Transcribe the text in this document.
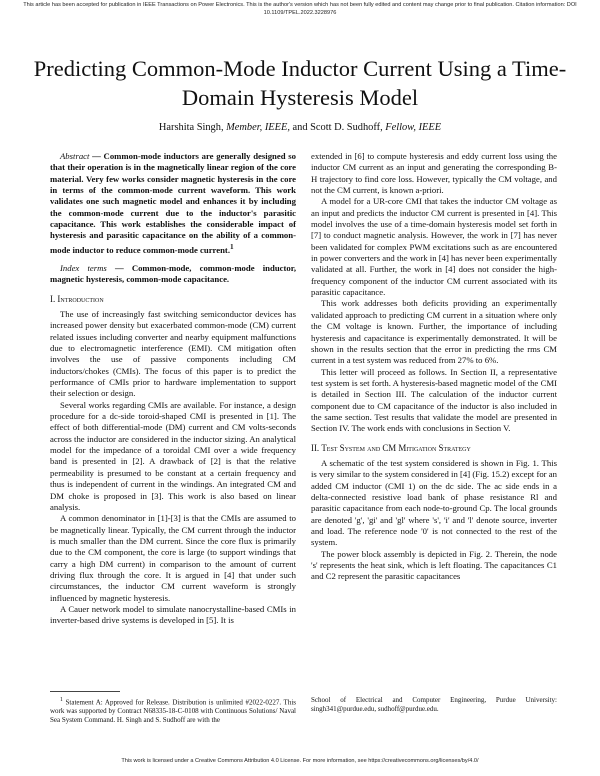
This article has been accepted for publication in IEEE Transactions on Power Electronics. This is the author's version which has not been fully edited and content may change prior to final publication. Citation information: DOI 10.1109/TPEL.2022.3228976
Predicting Common-Mode Inductor Current Using a Time-Domain Hysteresis Model
Harshita Singh, Member, IEEE, and Scott D. Sudhoff, Fellow, IEEE

Abstract — Common-mode inductors are generally designed so that their operation is in the magnetically linear region of the core material. Very few works consider magnetic hysteresis in the core in terms of the common-mode current waveform. This work validates one such magnetic model and enhances it by including the common-mode current due to the inductor's parasitic capacitance. This work establishes the considerable impact of hysteresis and parasitic capacitance on the ability of a common-mode inductor to reduce common-mode current.$^1$

Index terms — Common-mode, common-mode inductor, magnetic hysteresis, common-mode capacitance.

I. Introduction

The use of increasingly fast switching semiconductor devices has increased power density but exacerbated common-mode (CM) current related issues including converter and nearby equipment malfunctions due to electromagnetic interference (EMI). CM mitigation often involves the use of passive components including CM inductors/chokes (CMIs). The focus of this paper is to predict the performance of CMIs prior to hardware implementation to support their selection or design.

Several works regarding CMIs are available. For instance, a design procedure for a dc-side toroid-shaped CMI is presented in [1]. The effect of both differential-mode (DM) current and CM volts-seconds across the inductor are considered in the inductor sizing. An analytical model for the impedance of a toroidal CMI over a wide frequency band is presented in [2]. A drawback of [2] is that the relative permeability is presumed to be constant at a certain frequency and thus is independent of current in the windings. An integrated CM and DM choke is proposed in [3]. This work is also based on linear analysis.

A common denominator in [1]-[3] is that the CMIs are assumed to be magnetically linear. Typically, the CM current through the inductor is much smaller than the DM current. Since the core flux is primarily due to the CM component, the core is large (to support windings that carry a high DM current) in comparison to the amount of current driving flux through the core. It is argued in [4] that under such circumstances, the inductor CM current waveform is strongly influenced by magnetic hysteresis.

A Cauer network model to simulate nanocrystalline-based CMIs in inverter-based drive systems is developed in [5]. It is

extended in [6] to compute hysteresis and eddy current loss using the inductor CM current as an input and generating the corresponding B-H trajectory to find core loss. However, typically the CM voltage, and not the CM current, is known a-priori.

A model for a UR-core CMI that takes the inductor CM voltage as an input and predicts the inductor CM current is presented in [4]. This model involves the use of a time-domain hysteresis model set forth in [7] to conduct magnetic analysis. However, the work in [7] has never been validated for complex PWM excitations such as are encountered in power converters and the work in [4] has never been experimentally validated at all. Further, the work in [4] does not consider the high-frequency component of the inductor CM current associated with its parasitic capacitance.

This work addresses both deficits providing an experimentally validated approach to predicting CM current in a situation where only the CM voltage is known. Further, the importance of including hysteresis and capacitance is experimentally demonstrated. It will be shown in the results section that the error in predicting the rms CM current in a test system was reduced from 27% to 6%.

This letter will proceed as follows. In Section II, a representative test system is set forth. A hysteresis-based magnetic model of the CMI is detailed in Section III. The calculation of the inductor current component due to CM capacitance of the inductor is also included in the same section. Test results that validate the model are presented in Section IV. The work ends with conclusions in Section V.

II. Test System and CM Mitigation Strategy

A schematic of the test system considered is shown in Fig. 1. This is very similar to the system considered in [4] (Fig. 15.2) except for an added CM inductor (CMI 1) on the dc side. The ac side ends in a delta-connected resistive load bank of phase resistance Rl and parasitic capacitance from each node-to-ground Cp. The local grounds are denoted 'g', 'gi' and 'gl' where 's', 'i' and 'l' denote source, inverter and load. The reference node '0' is not connected to the rest of the system.

The power block assembly is depicted in Fig. 2. Therein, the node 's' represents the heat sink, which is left floating. The capacitances C1 and C2 represent the parasitic capacitances

$^1$ Statement A: Approved for Release. Distribution is unlimited #2022-0227. This work was supported by Contract N68335-18-C-0108 with Continuous Solutions/ Naval Sea System Command. H. Singh and S. Sudhoff are with the
School of Electrical and Computer Engineering, Purdue University: singh341@purdue.edu, sudhoff@purdue.edu.
This work is licensed under a Creative Commons Attribution 4.0 License. For more information, see https://creativecommons.org/licenses/by/4.0/
